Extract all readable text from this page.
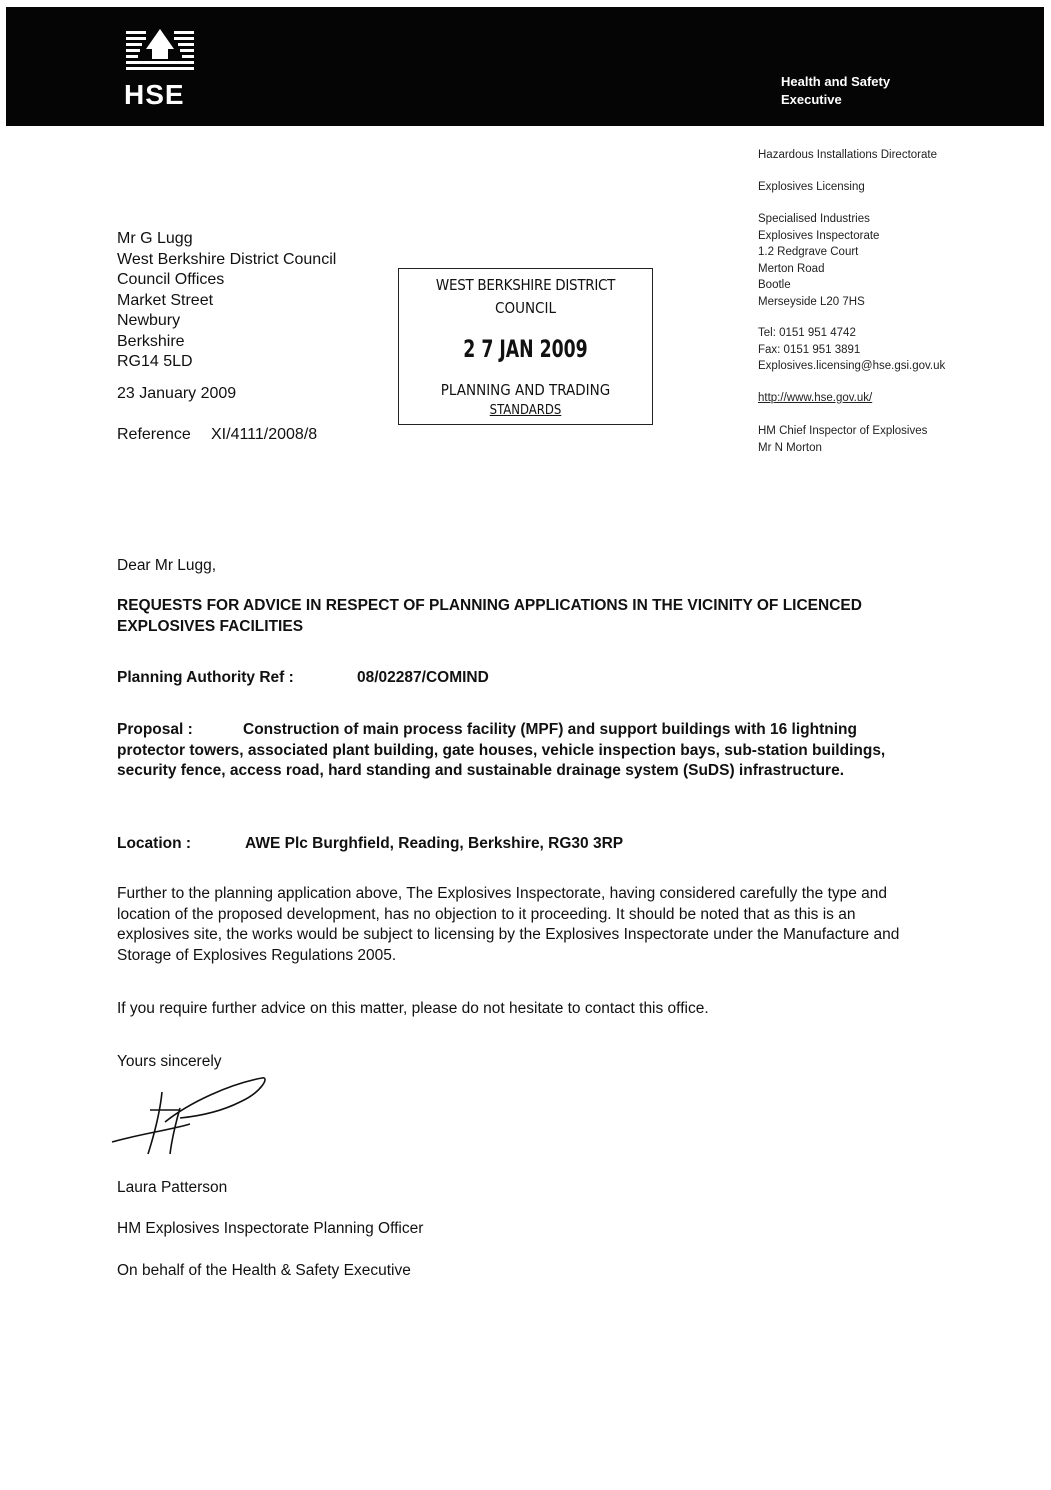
HSE	Health and Safety
Executive
Hazardous Installations Directorate
Explosives Licensing
Specialised Industries
Explosives Inspectorate
1.2 Redgrave Court
Merton Road
Bootle
Merseyside L20 7HS
Tel: 0151 951 4742
Fax: 0151 951 3891
Explosives.licensing@hse.gsi.gov.uk
http://www.hse.gov.uk/
HM Chief Inspector of Explosives
Mr N Morton
Mr G Lugg
West Berkshire District Council
Council Offices
Market Street
Newbury
Berkshire
RG14 5LD
23 January 2009
Reference XI/4111/2008/8
WEST BERKSHIRE DISTRICT
COUNCIL
2 7 JAN 2009
PLANNING AND TRADING
STANDARDS
Dear Mr Lugg,
REQUESTS FOR ADVICE IN RESPECT OF PLANNING APPLICATIONS IN THE VICINITY OF LICENCED EXPLOSIVES FACILITIES
Planning Authority Ref :	08/02287/COMIND
Proposal :	Construction of main process facility (MPF) and support buildings with 16 lightning protector towers, associated plant building, gate houses, vehicle inspection bays, sub-station buildings, security fence, access road, hard standing and sustainable drainage system (SuDS) infrastructure.
Location :	AWE Plc Burghfield, Reading, Berkshire, RG30 3RP
Further to the planning application above, The Explosives Inspectorate, having considered carefully the type and location of the proposed development, has no objection to it proceeding. It should be noted that as this is an explosives site, the works would be subject to licensing by the Explosives Inspectorate under the Manufacture and Storage of Explosives Regulations 2005.
If you require further advice on this matter, please do not hesitate to contact this office.
Yours sincerely
Laura Patterson
HM Explosives Inspectorate Planning Officer
On behalf of the Health & Safety Executive
